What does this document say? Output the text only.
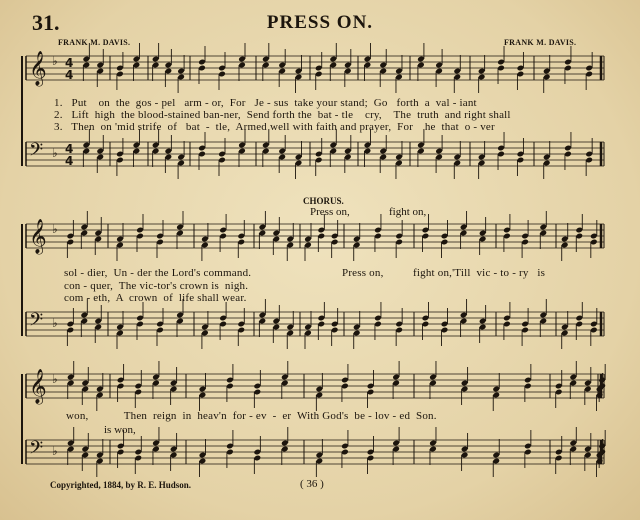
31.	PRESS ON.
FRANK M. DAVIS.	FRANK M. DAVIS.
𝄞 ♭ 4
4
𝄢 ♭ 4
4
𝄞 ♭
𝄢 ♭
𝄞 ♭
𝄢 ♭
1.   Put    on  the  gos - pel   arm - or,  For   Je - sus  take your stand;  Go   forth  a  val - iant
2.   Lift  high  the blood-stained ban-ner,  Send forth the  bat - tle    cry,    The  truth  and right shall
3.   Then  on 'mid strife  of   bat  -  tle,  Armed well with faith and prayer,  For    he  that  o - ver
CHORUS.
Press on,	fight on,
sol - dier,  Un - der the Lord's command.
con - quer,  The vic-tor's crown is  nigh.
com - eth,  A  crown  of  life shall wear.
Press on,          fight on,'Till  vic - to - ry   is
won,            Then  reign  in  heav'n  for - ev  -  er  With God's  be - lov - ed  Son.
is won,
Copyrighted, 1884, by R. E. Hudson.	( 36 )
